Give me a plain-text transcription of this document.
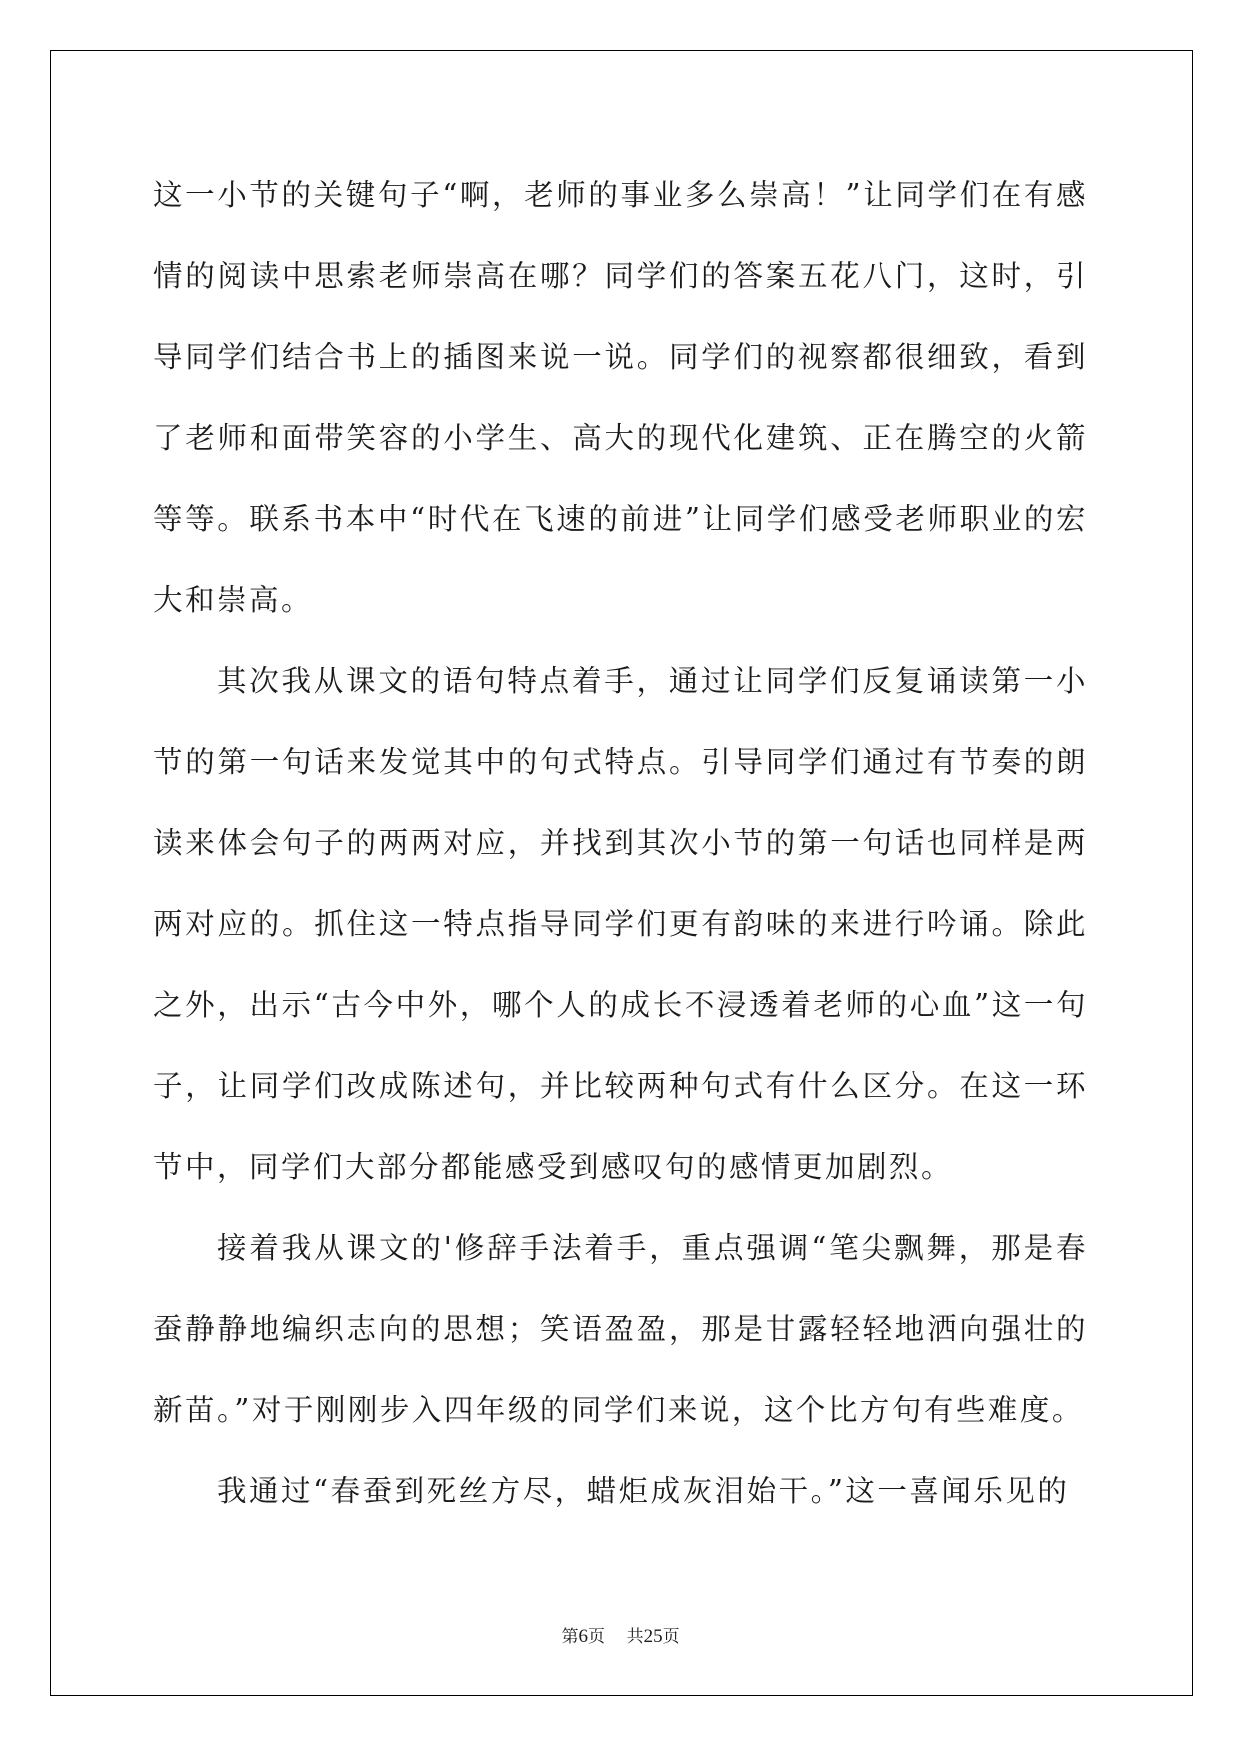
这一小节的关键句子“啊，老师的事业多么崇高！”让同学们在有感情的阅读中思索老师崇高在哪？同学们的答案五花八门，这时，引导同学们结合书上的插图来说一说。同学们的视察都很细致，看到了老师和面带笑容的小学生、高大的现代化建筑、正在腾空的火箭等等。联系书本中“时代在飞速的前进”让同学们感受老师职业的宏大和崇高。

其次我从课文的语句特点着手，通过让同学们反复诵读第一小节的第一句话来发觉其中的句式特点。引导同学们通过有节奏的朗读来体会句子的两两对应，并找到其次小节的第一句话也同样是两两对应的。抓住这一特点指导同学们更有韵味的来进行吟诵。除此之外，出示“古今中外，哪个人的成长不浸透着老师的心血”这一句子，让同学们改成陈述句，并比较两种句式有什么区分。在这一环节中，同学们大部分都能感受到感叹句的感情更加剧烈。

接着我从课文的'修辞手法着手，重点强调“笔尖飘舞，那是春蚕静静地编织志向的思想；笑语盈盈，那是甘露轻轻地洒向强壮的新苗。”对于刚刚步入四年级的同学们来说，这个比方句有些难度。

我通过“春蚕到死丝方尽，蜡炬成灰泪始干。”这一喜闻乐见的

第6页 共25页
